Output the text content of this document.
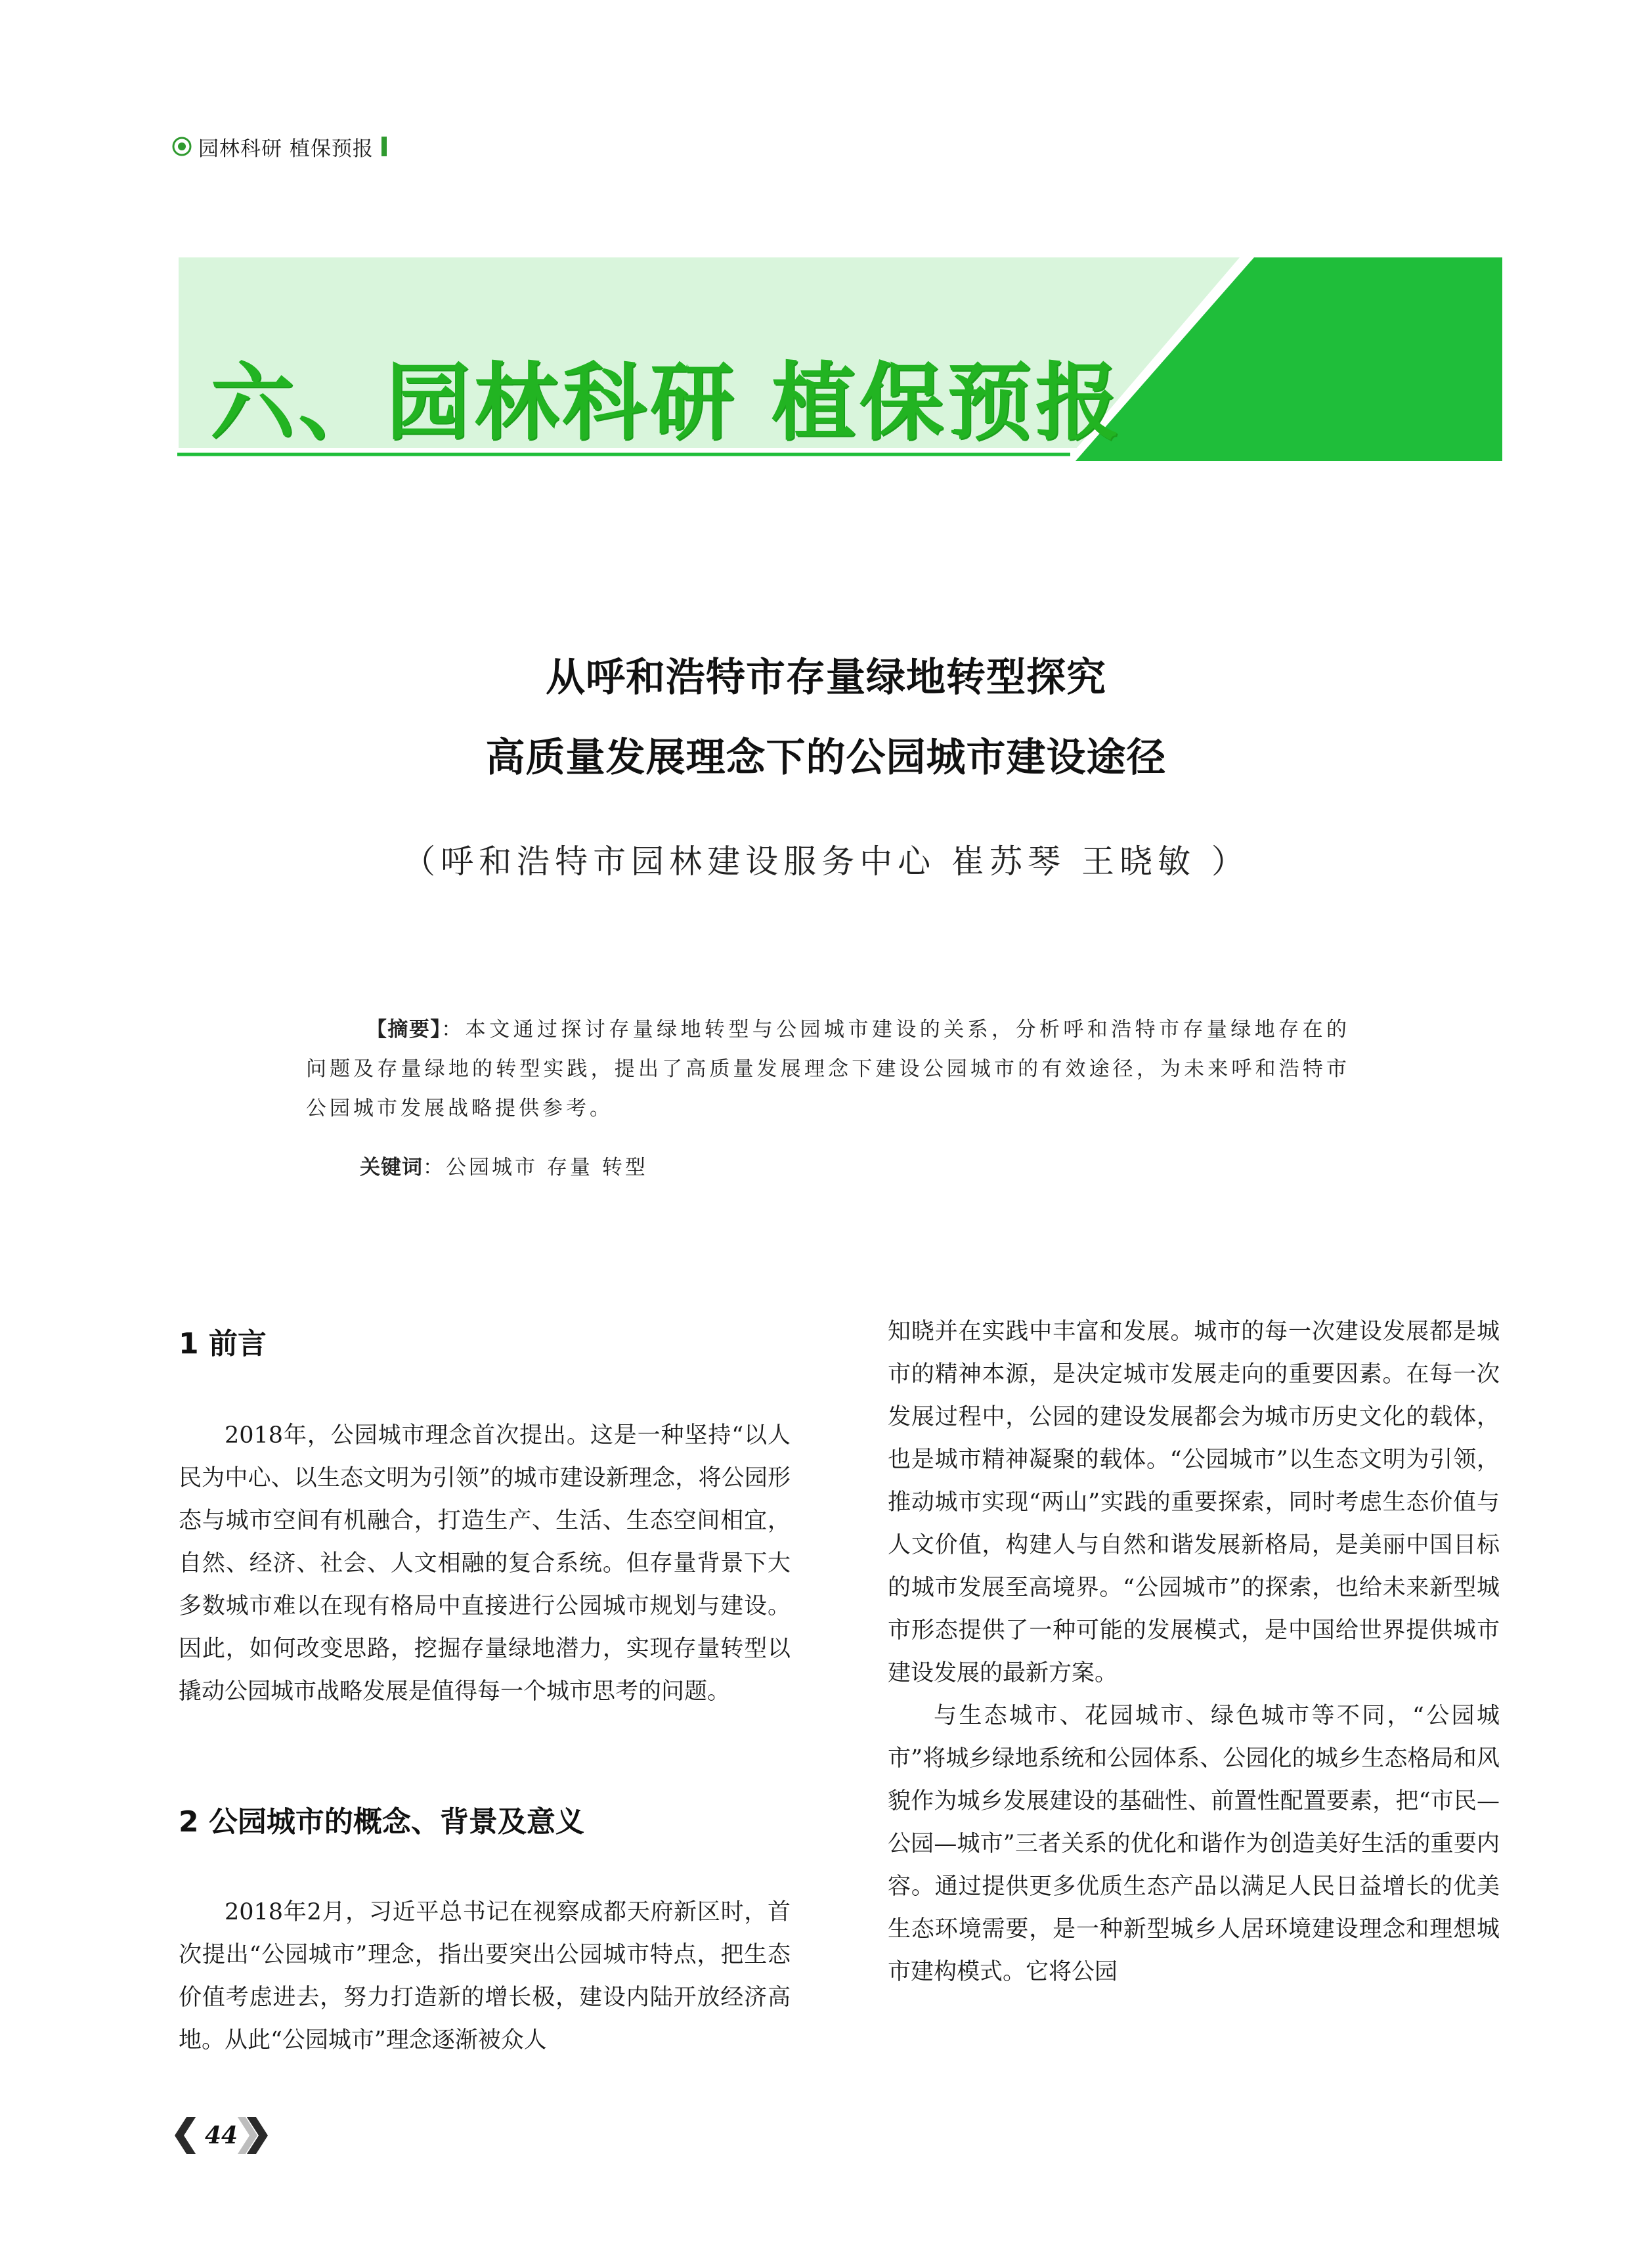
园林科研 植保预报
六、园林科研 植保预报
从呼和浩特市存量绿地转型探究
高质量发展理念下的公园城市建设途径
（呼和浩特市园林建设服务中心 崔苏琴 王晓敏 ）
【摘要】：本文通过探讨存量绿地转型与公园城市建设的关系，分析呼和浩特市存量绿地存在的问题及存量绿地的转型实践，提出了高质量发展理念下建设公园城市的有效途径，为未来呼和浩特市公园城市发展战略提供参考。
关键词：公园城市 存量 转型
1 前言

2018年，公园城市理念首次提出。这是一种坚持“以人民为中心、以生态文明为引领”的城市建设新理念，将公园形态与城市空间有机融合，打造生产、生活、生态空间相宜，自然、经济、社会、人文相融的复合系统。但存量背景下大多数城市难以在现有格局中直接进行公园城市规划与建设。因此，如何改变思路，挖掘存量绿地潜力，实现存量转型以撬动公园城市战略发展是值得每一个城市思考的问题。

2 公园城市的概念、背景及意义

2018年2月，习近平总书记在视察成都天府新区时，首次提出“公园城市”理念，指出要突出公园城市特点，把生态价值考虑进去，努力打造新的增长极，建设内陆开放经济高地。从此“公园城市”理念逐渐被众人

知晓并在实践中丰富和发展。城市的每一次建设发展都是城市的精神本源，是决定城市发展走向的重要因素。在每一次发展过程中，公园的建设发展都会为城市历史文化的载体，也是城市精神凝聚的载体。“公园城市”以生态文明为引领，推动城市实现“两山”实践的重要探索，同时考虑生态价值与人文价值，构建人与自然和谐发展新格局，是美丽中国目标的城市发展至高境界。“公园城市”的探索，也给未来新型城市形态提供了一种可能的发展模式，是中国给世界提供城市建设发展的最新方案。

与生态城市、花园城市、绿色城市等不同，“公园城市”将城乡绿地系统和公园体系、公园化的城乡生态格局和风貌作为城乡发展建设的基础性、前置性配置要素，把“市民—公园—城市”三者关系的优化和谐作为创造美好生活的重要内容。通过提供更多优质生态产品以满足人民日益增长的优美生态环境需要，是一种新型城乡人居环境建设理念和理想城市建构模式。它将公园

44
